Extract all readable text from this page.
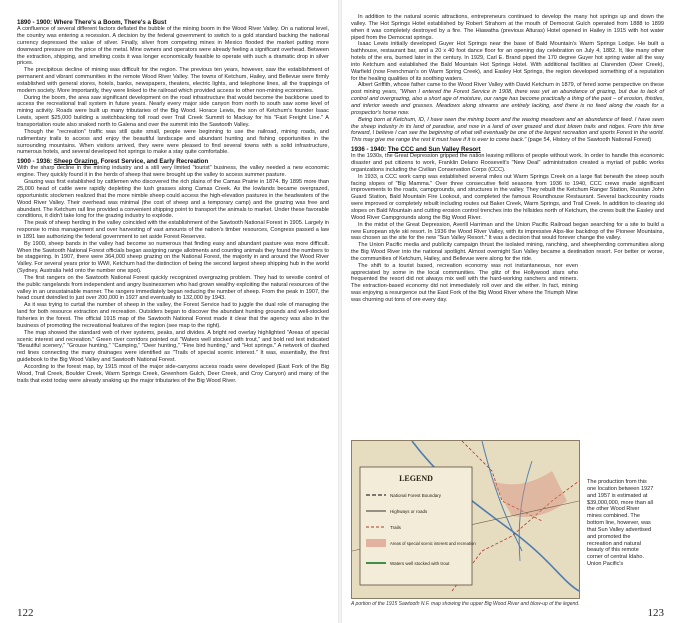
1890 - 1900: Where There's a Boom, There's a Bust

A confluence of several different factors deflated the bubble of the mining boom in the Wood River Valley. On a national level, the country was entering a recession. A decision by the federal government to switch to a gold standard backing the national currency depressed the value of silver. Finally, silver from competing mines in Mexico flooded the market putting more downward pressure on the price of the metal. Mine owners and operators were already feeling a significant overhead. Between the extraction, shipping, and smelting costs it was longer economically feasible to operate with such a dramatic drop in silver prices.

The precipitous decline of mining was difficult for the region. The previous ten years, however, saw the establishment of permanent and vibrant communities in the remote Wood River Valley. The towns of Ketchum, Hailey, and Bellevue were firmly established with general stores, hotels, banks, newspapers, theaters, electric lights, and telephone lines, all the trappings of modern society. More importantly, they were linked to the railroad which provided access to other non-mining economies.

During the boom, the area saw significant development on the road infrastructure that would become the backbone used to access the recreational trail system in future years. Nearly every major side canyon from north to south saw some level of mining activity. Roads were built up many tributaries of the Big Wood. Horace Lewis, the son of Ketchum's founder Isaac Lewis, spent $25,000 building a switchbacking toll road over Trail Creek Summit to Mackay for his "Fast Freight Line." A transportation route also snaked north to Galena and over the summit into the Sawtooth Valley.

Though the "recreation" traffic was still quite small, people were beginning to use the railroad, mining roads, and rudimentary trails to access and enjoy the beautiful landscape and abundant hunting and fishing opportunities in the surrounding mountains. When visitors arrived, they were were pleased to find several towns with a solid infrastructure, numerous hotels, and several developed hot springs to make a stay quite comfortable.

1900 - 1936: Sheep Grazing, Forest Service, and Early Recreation

With the sharp decline in the mining industry and a still very limited "tourist" business, the valley needed a new economic engine. They quickly found it in the herds of sheep that were brought up the valley to access summer pasture.

Grazing was first established by cattlemen who discovered the rich plains of the Camas Prairie in 1874. By 1895 more than 25,000 head of cattle were rapidly depleting the lush grasses along Camas Creek. As the lowlands became overgrazed, opportunistic stockmen realized that the more nimble sheep could access the high-elevation pastures in the headwaters of the Wood River Valley. Their overhead was minimal (the cost of sheep and a temporary camp) and the grazing was free and abundant. The Ketchum rail line provided a convenient shipping point to transport the animals to market. Under these favorable conditions, it didn't take long for the grazing industry to explode.

The peak of sheep herding in the valley coincided with the establishment of the Sawtooth National Forest in 1905. Largely in response to miss management and over harvesting of vast amounts of the nation's timber resources, Congress passed a law in 1891 law authorizing the federal government to set aside Forest Reserves.

By 1900, sheep bands in the valley had become so numerous that finding easy and abundant pasture was more difficult. When the Sawtooth National Forest officials began assigning range allotments and counting animals they found the numbers to be staggering. In 1907, there were 364,000 sheep grazing on the National Forest, the majority in and around the Wood River Valley. For several years prior to WWI, Ketchum had the distinction of being the second largest sheep shipping hub in the world (Sydney, Australia held onto the number one spot).

The first rangers on the Sawtooth National Forest quickly recognized overgrazing problem. They had to wrestle control of the public rangelands from independent and angry businessmen who had grown wealthy exploiting the natural resources of the valley in an unsustainable manner. The rangers immediately began reducing the number of sheep. From the peak in 1907, the head count dwindled to just over 200,000 in 1927 and eventually to 132,000 by 1943.

As it was trying to curtail the number of sheep in the valley, the Forest Service had to juggle the dual role of managing the land for both resource extraction and recreation. Outsiders began to discover the abundant hunting grounds and well-stocked fisheries in the forest. The official 1915 map of the Sawtooth National Forest made it clear that the agency was also in the business of promoting the recreational features of the region (see map to the right).

The map showed the standard web of river systems, peaks, and divides. A bright red overlay highlighted "Areas of special scenic interest and recreation." Green river corridors pointed out "Waters well stocked with trout," and bold red text indicated "Beautiful scenery," "Grouse hunting," "Camping," "Deer hunting," "Fine bird hunting," and "Hot springs." A network of dashed red lines connecting the many drainages were identified as "Trails of special scenic interest." It was, essentially, the first guidebook to the Big Wood Valley and Sawtooth National Forest.

According to the forest map, by 1915 most of the major side-canyons access roads were developed (East Fork of the Big Wood, Trail Creek, Boulder Creek, Warm Springs Creek, Greenhorn Gulch, Deer Creek, and Croy Canyon) and many of the trails that exist today were already snaking up the major tributaries of the Big Wood River.

122

In addition to the natural scenic attractions, entrepreneurs continued to develop the many hot springs up and down the valley. The Hot Springs Hotel established by Robert Strahorn at the mouth of Democrat Gulch operated from 1888 to 1899 when it was completely destroyed by a fire. The Hiawatha (previous Alturas) Hotel opened in Hailey in 1915 with hot water piped from the Democrat springs.

Isaac Lewis initially developed Guyer Hot Springs near the base of Bald Mountain's Warm Springs Lodge. He built a bathhouse, restaurant bar, and a 20 x 40 foot dance floor for an opening day celebration on July 4, 1882. It, like many other hotels of the era, burned later in the century. In 1929, Carl E. Brand piped the 170 degree Guyer hot spring water all the way into Ketchum and established the Bald Mountain Hot Springs Hotel. With additional facilities at Clarenden (Deer Creek), Warfield (now Frenchman's on Warm Spring Creek), and Easley Hot Springs, the region developed something of a reputation for the healing qualities of its soothing waters.

Albert Griffith, whose father came to the Wood River Valley with David Ketchum in 1879, of fered some perspective on these post mining years, "When I entered the Forest Service in 1908, there was yet an abundance of grazing, but due to lack of control and overgrazing, also a short age of moisture, our range has become practically a thing of the past – of erosion, thistles, and inferior weeds and grasses. Meadows along streams are entirely lacking, and there is no feed along the roads for a prospector's horse now.

Being born at Ketchum, ID, I have seen the mining boom and the waxing meadows and an abundance of feed. I have seen the sheep industry in its land of paradise, and now in a land of over grazed and dust blown trails and ridges. From this time forward, I believe I can see the beginning of what will eventually be one of the largest recreation and sports Forest in the world. This may give me range the rest it must have if it is ever to come back." (page 54, History of the Sawtooth National Forest)

1936 - 1940: The CCC and Sun Valley Resort

In the 1930s, the Great Depression gripped the nation leaving millions of people without work. In order to handle this economic disaster and put citizens to work, Franklin Delano Roosevelt's "New Deal" administration created a myriad of public works organizations including the Civilian Conservation Corps (CCC).

In 1933, a CCC work camp was established several miles out Warm Springs Creek on a large flat beneath the steep south facing slopes of "Big Mamma." Over three consecutive field seasons from 1936 to 1940, CCC crews made significant improvements to the roads, campgrounds, and structures in the valley. They rebuilt the Ketchum Ranger Station, Russian John Guard Station, Bald Mountain Fire Lookout, and completed the famous Roundhouse Restaurant. Several backcountry roads were improved or completely rebuilt including routes out Baker Creek, Warm Springs, and Trail Creek. In addition to clearing ski slopes on Bald Mountain and cutting erosion control trenches into the hillsides north of Ketchum, the crews built the Easley and Wood River Campgrounds along the Big Wood River.

In the midst of the Great Depression, Averill Harriman and the Union Pacific Railroad began searching for a site to build a new European style ski resort. In 1936 the Wood River Valley, with its impressive Alps-like backdrop of the Pioneer Mountains, was chosen as the site for the new "Sun Valley Resort." It was a decision that would forever change the valley.

The Union Pacific media and publicity campaign thrust the isolated mining, ranching, and sheepherding communities along the Big Wood River into the national spotlight. Almost overnight Sun Valley became a destination resort. For better or worse, the communities of Ketchum, Hailey, and Bellevue were along for the ride.

The shift to a tourist based, recreation economy was not instantaneous, nor even appreciated by some in the local communities. The glitz of the Hollywood stars who frequented the resort did not always mix well with the hard-working ranchers and miners. The extraction-based economy did not immediately roll over and die either. In fact, mining was enjoying a resurgence out the East Fork of the Big Wood River where the Triumph Mine was churning out tons of ore every day.

LEGEND
National Forest Boundary
Highways or roads
Trails
Areas of special scenic interest and recreation
Waters well stocked with trout
The production from this one location between 1927 and 1957 is estimated at $39,000,000, more than all the other Wood River mines combined. The bottom line, however, was that Sun Valley advertised and promoted the recreation and natural beauty of this remote corner of central Idaho. Union Pacific's
A portion of the 1915 Sawtooth N.F. map showing the upper Big Wood River and blow-up of the legend.
123
